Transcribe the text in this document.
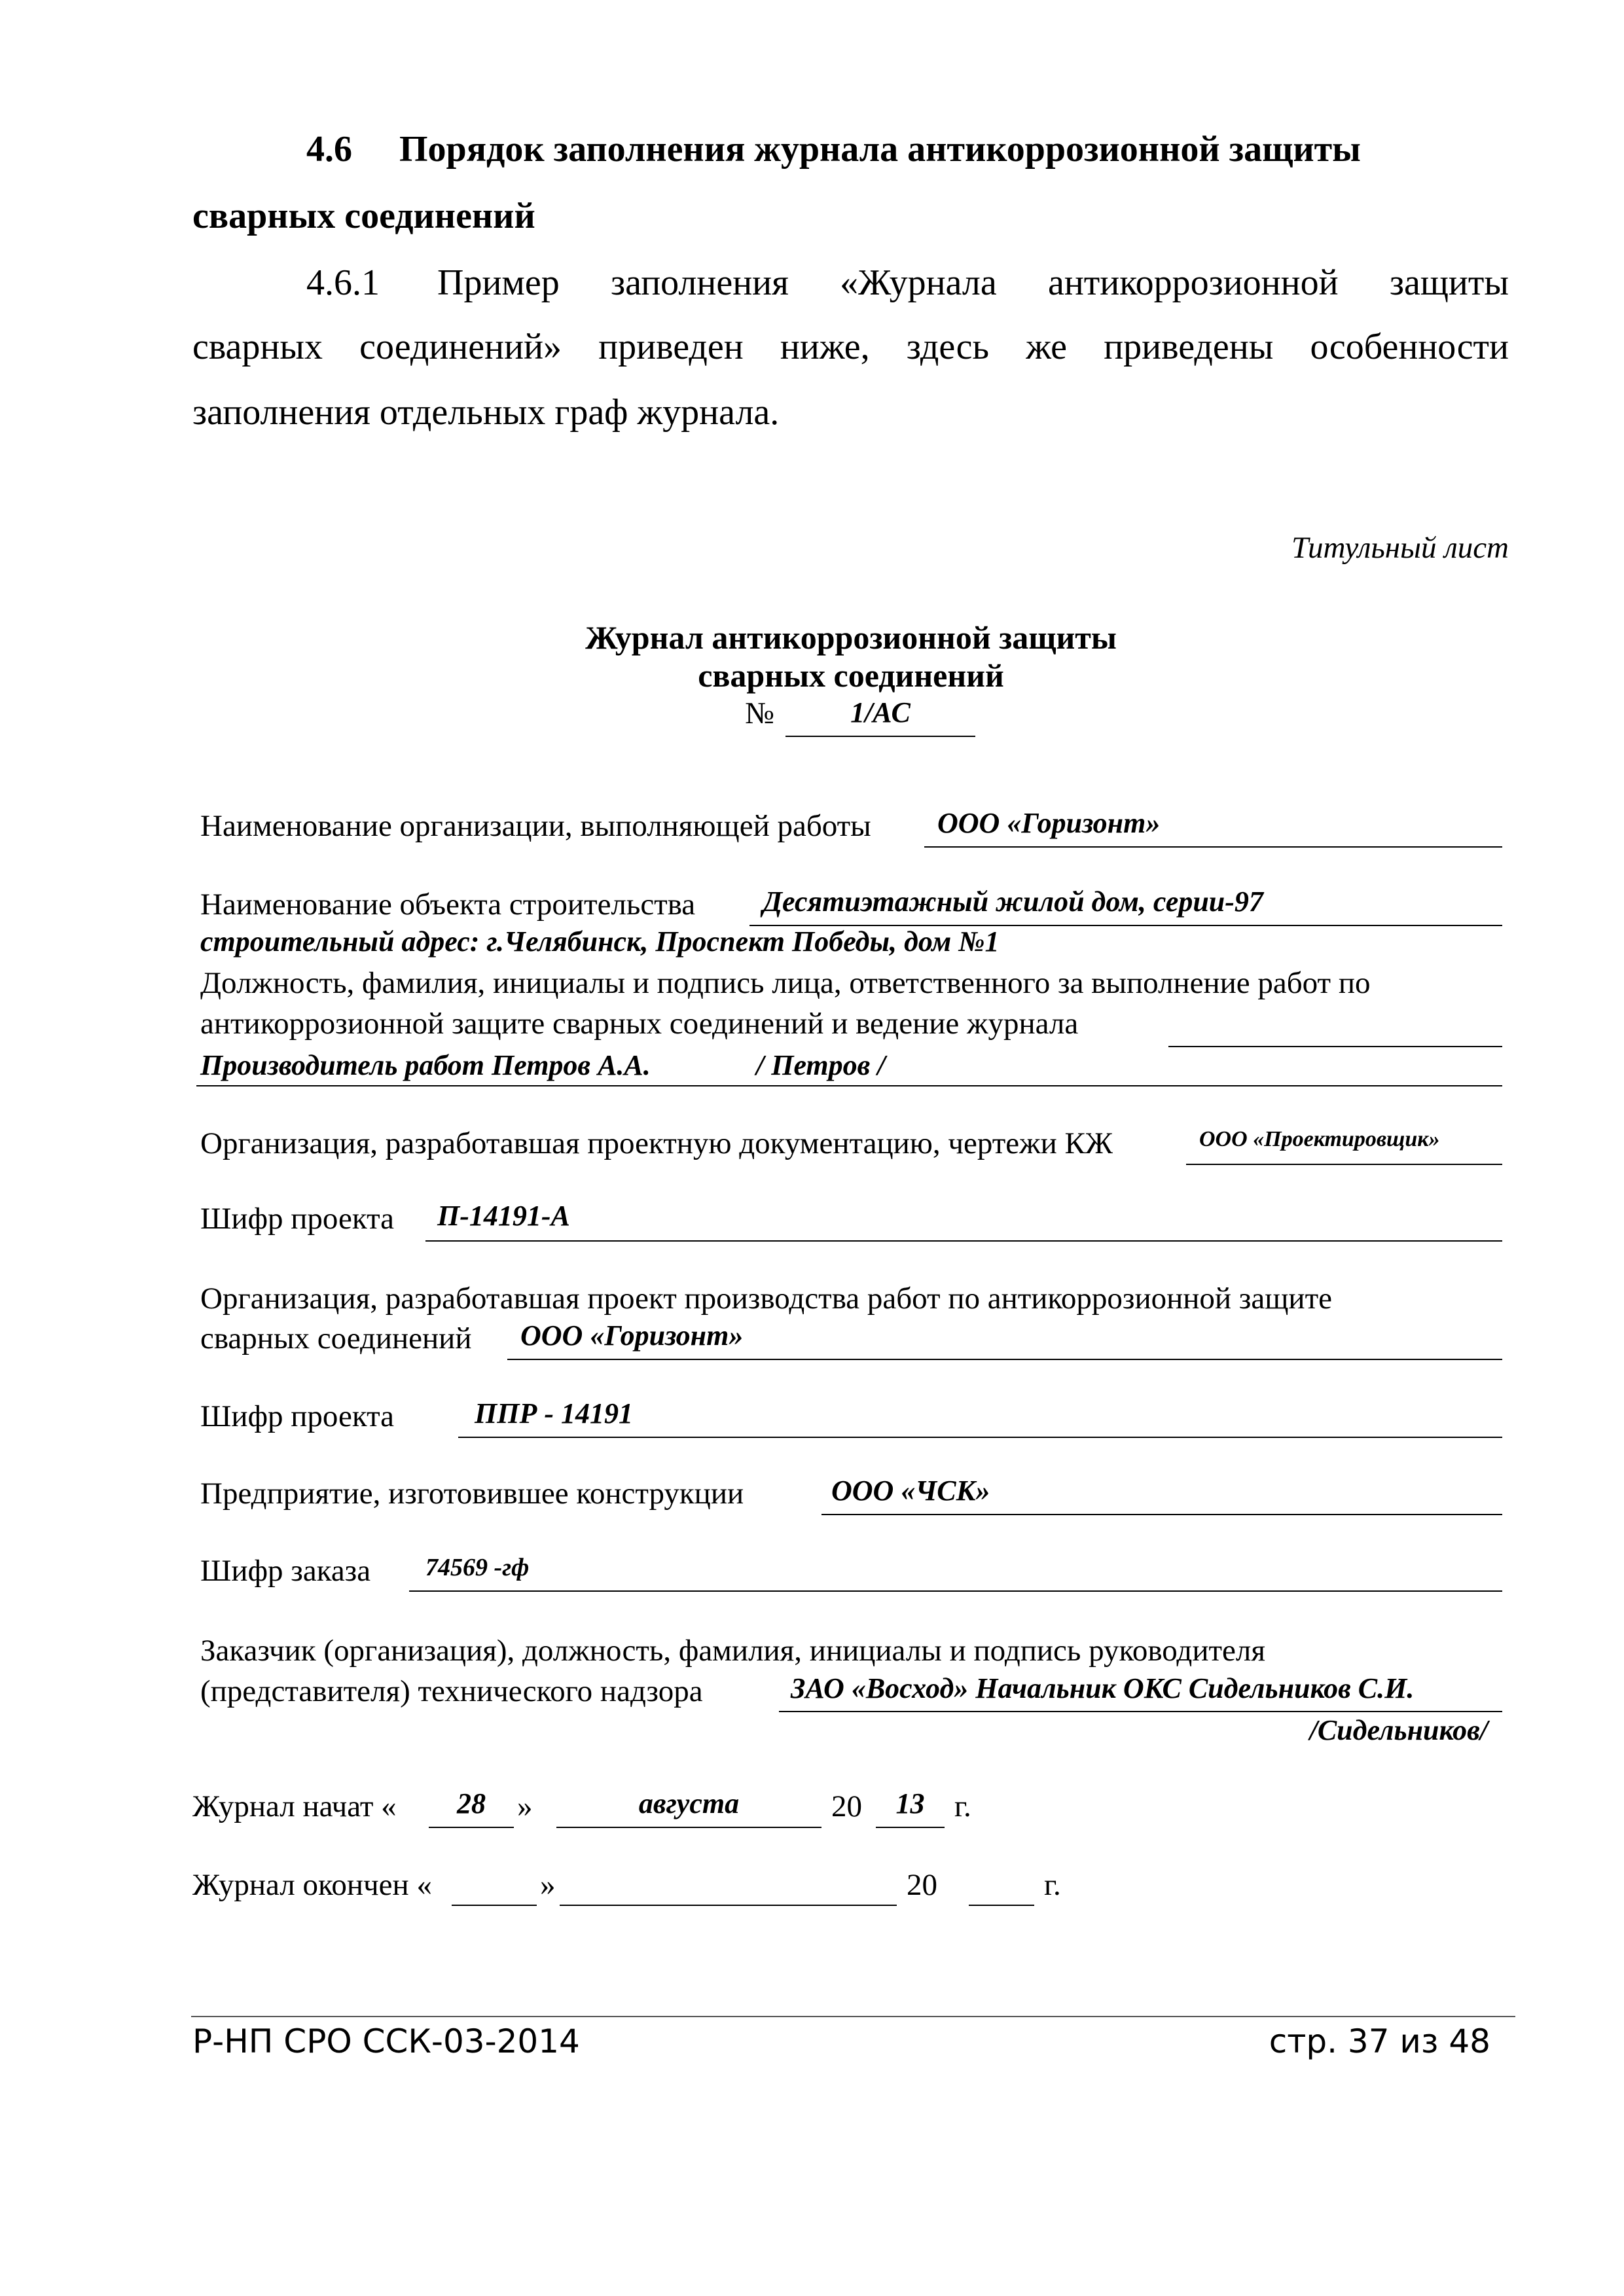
4.6 Порядок заполнения журнала антикоррозионной защиты
сварных соединений
4.6.1 Пример заполнения «Журнала антикоррозионной защиты
сварных соединений» приведен ниже, здесь же приведены особенности
заполнения отдельных граф журнала.
Титульный лист
Журнал антикоррозионной защиты
сварных соединений
№	1/АС
Наименование организации, выполняющей работы ООО «Горизонт»
Наименование объекта строительства Десятиэтажный жилой дом, серии-97
строительный адрес: г.Челябинск, Проспект Победы, дом №1
Должность, фамилия, инициалы и подпись лица, ответственного за выполнение работ по
антикоррозионной защите сварных соединений и ведение журнала
Производитель работ Петров А.А.	/ Петров /
Организация, разработавшая проектную документацию, чертежи КЖ	ООО «Проектировщик»
Шифр проекта П-14191-А
Организация, разработавшая проект производства работ по антикоррозионной защите
сварных соединений ООО «Горизонт»
Шифр проекта	ППР - 14191
Предприятие, изготовившее конструкции	ООО «ЧСК»
Шифр заказа 74569 -гф
Заказчик (организация), должность, фамилия, инициалы и подпись руководителя
(представителя) технического надзора	ЗАО «Восход» Начальник ОКС Сидельников С.И.
/Сидельников/
Журнал начат «	28	»	августа	20	13 г.
Журнал окончен «	»	20	г.
Р-НП СРО ССК-03-2014	стр. 37 из 48
